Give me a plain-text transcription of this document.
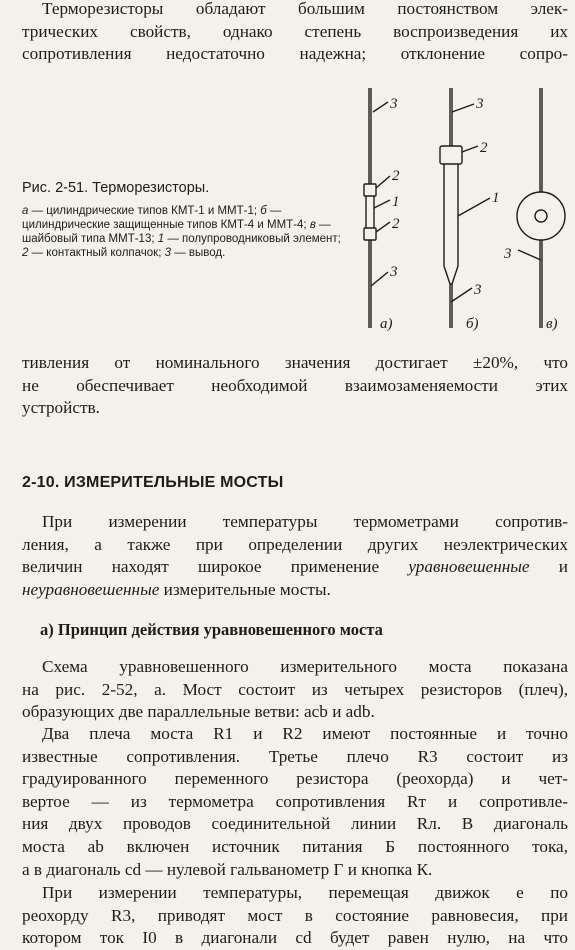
Терморезисторы обладают большим постоянством элек-
трических свойств, однако степень воспроизведения их
сопротивления недостаточно надежна; отклонение сопро-
Рис. 2-51. Терморезисторы.
а — цилиндрические типов КМТ-1 и ММТ-1; б — цилиндрические защищенные типов КМТ-4 и ММТ-4; в — шайбовый типа ММТ-13; 1 — полупроводниковый элемент; 2 — контактный колпачок; 3 — вывод.
3
2
1
2
3
а)
3
2
1
3
б)
3
в)
тивления от номинального значения достигает ±20%, что
не обеспечивает необходимой взаимозаменяемости этих
устройств.
2-10. ИЗМЕРИТЕЛЬНЫЕ МОСТЫ
При измерении температуры термометрами сопротив-
ления, а также при определении других неэлектрических
величин находят широкое применение уравновешенные и
неуравновешенные измерительные мосты.
а) Принцип действия уравновешенного моста
Схема уравновешенного измерительного моста показана
на рис. 2-52, а. Мост состоит из четырех резисторов (плеч),
образующих две параллельные ветви: acb и adb.
Два плеча моста R1 и R2 имеют постоянные и точно
известные сопротивления. Третье плечо R3 состоит из
градуированного переменного резистора (реохорда) и чет-
вертое — из термометра сопротивления Rт и сопротивле-
ния двух проводов соединительной линии Rл. В диагональ
моста ab включен источник питания Б постоянного тока,
а в диагональ cd — нулевой гальванометр Г и кнопка К.
При измерении температуры, перемещая движок е по
реохорду R3, приводят мост в состояние равновесия, при
котором ток I0 в диагонали cd будет равен нулю, на что
